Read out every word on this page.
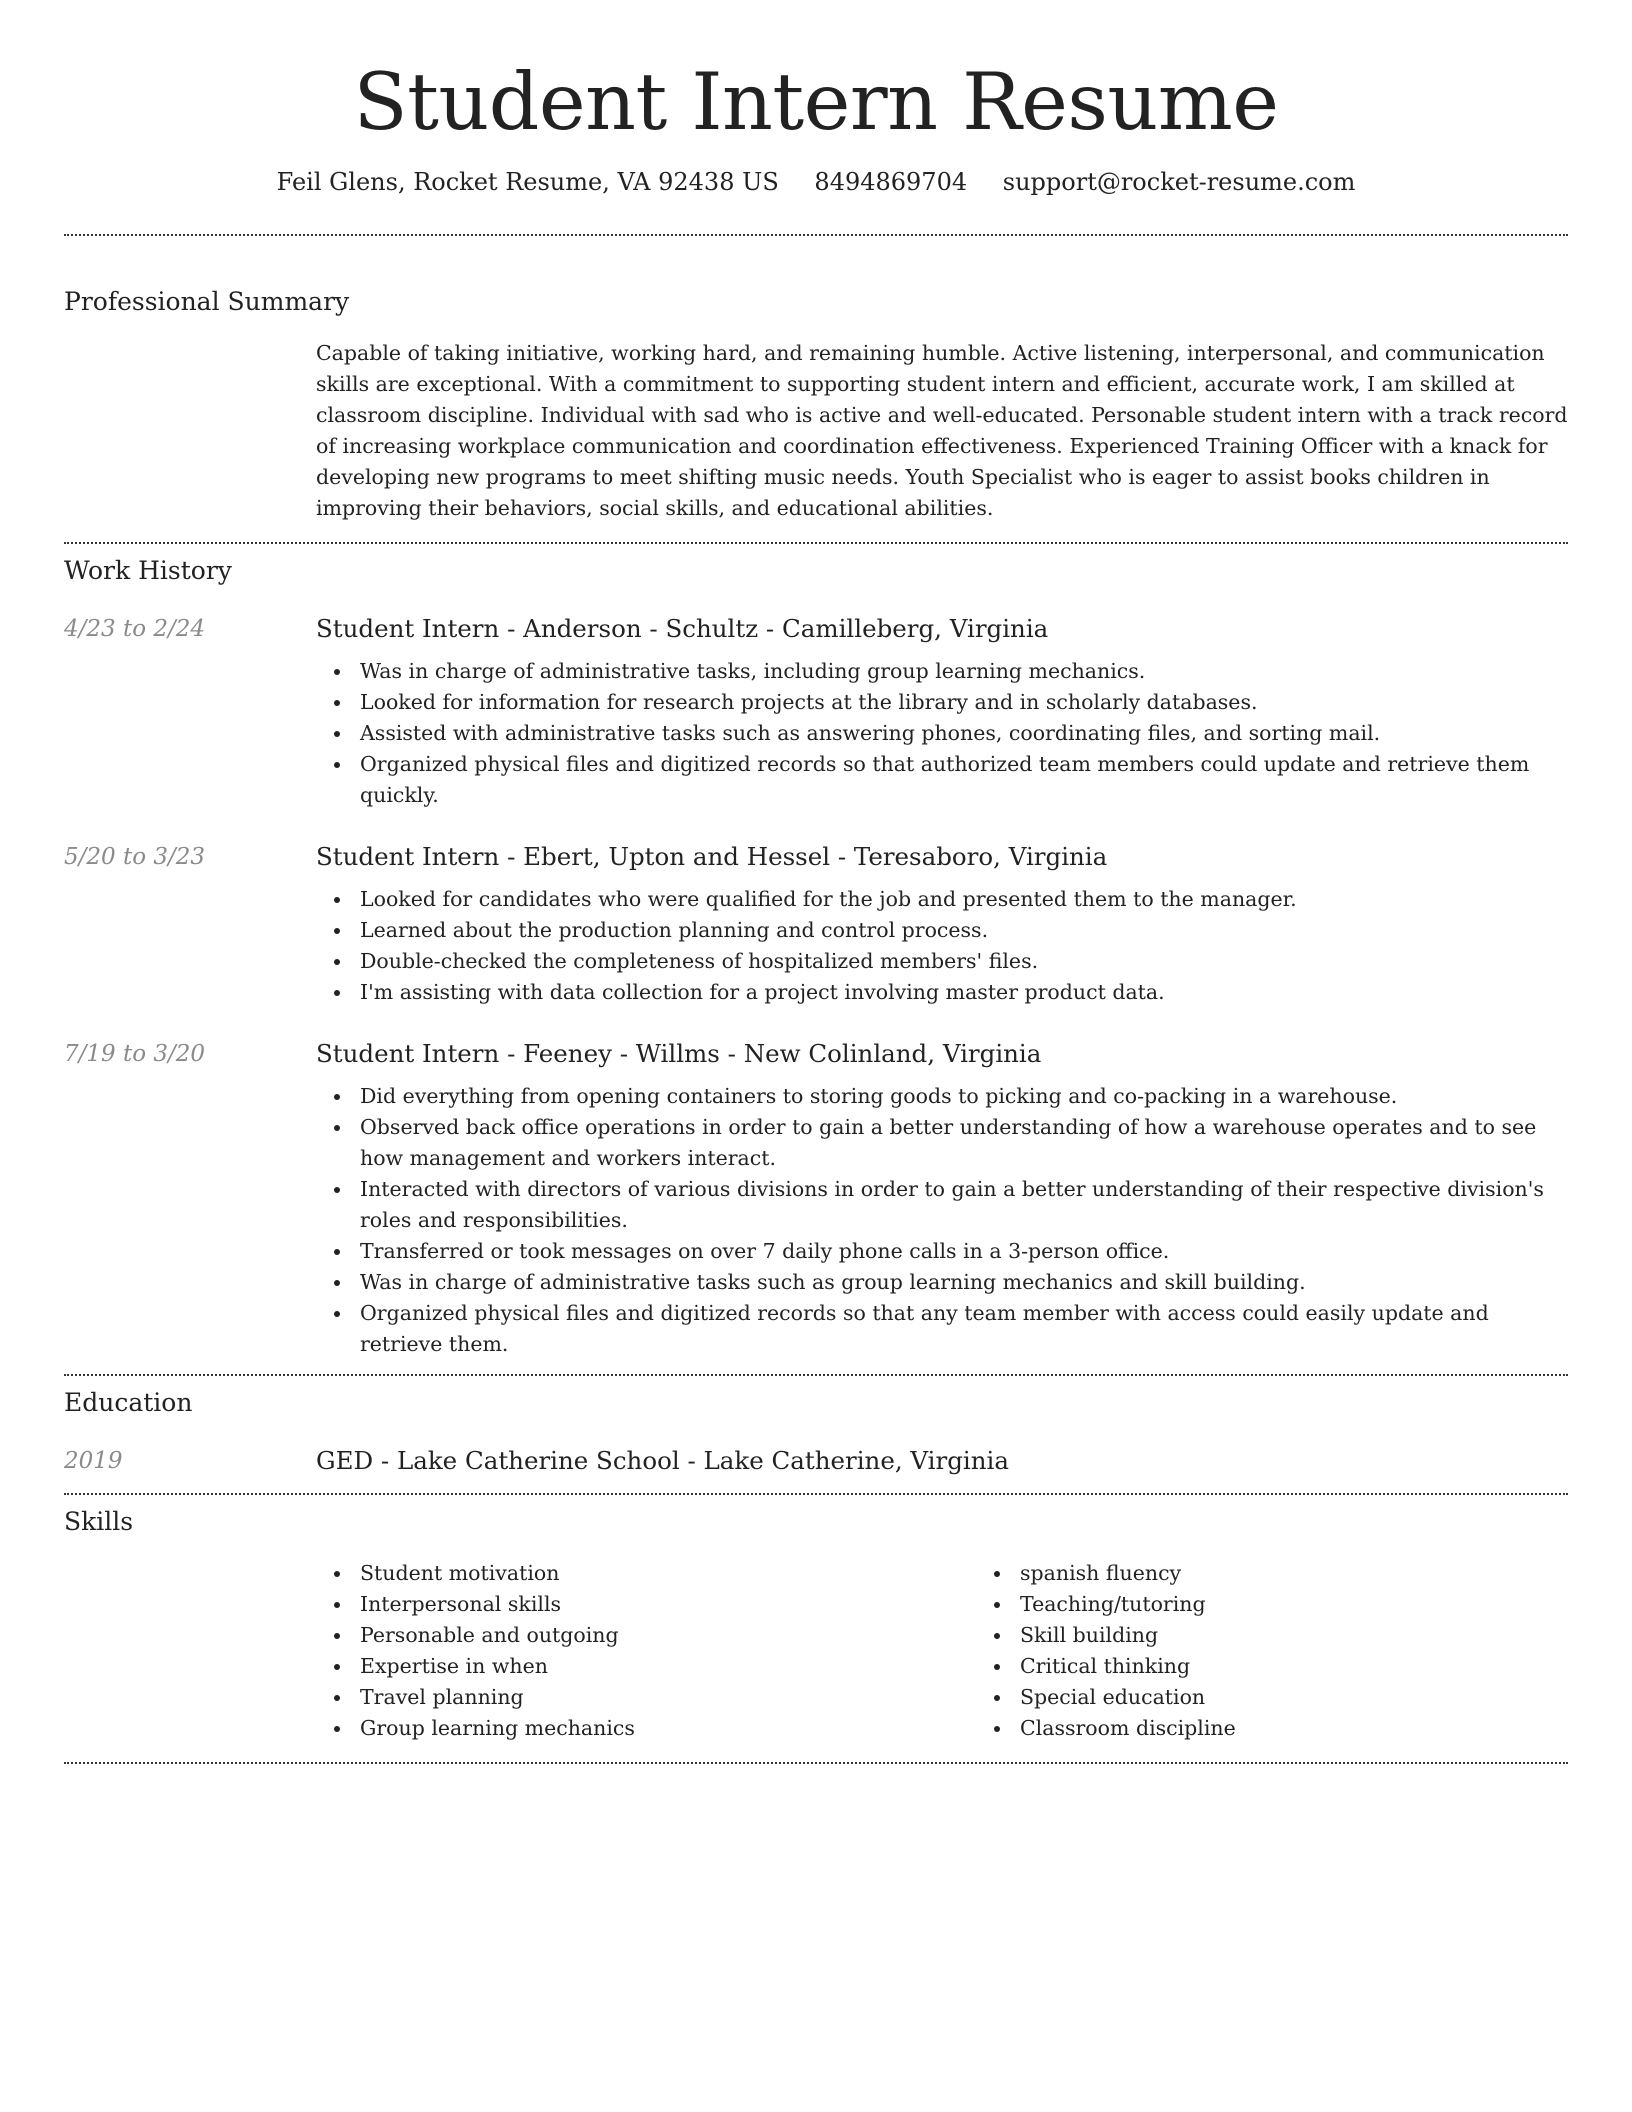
Student Intern Resume
Feil Glens, Rocket Resume, VA 92438 US 8494869704 support@rocket-resume.com
Professional Summary

Capable of taking initiative, working hard, and remaining humble. Active listening, interpersonal, and communication skills are exceptional. With a commitment to supporting student intern and efficient, accurate work, I am skilled at classroom discipline. Individual with sad who is active and well-educated. Personable student intern with a track record of increasing workplace communication and coordination effectiveness. Experienced Training Officer with a knack for developing new programs to meet shifting music needs. Youth Specialist who is eager to assist books children in improving their behaviors, social skills, and educational abilities.

Work History
4/23 to 2/24	Student Intern - Anderson - Schultz - Camilleberg, Virginia
Was in charge of administrative tasks, including group learning mechanics.
Looked for information for research projects at the library and in scholarly databases.
Assisted with administrative tasks such as answering phones, coordinating files, and sorting mail.
Organized physical files and digitized records so that authorized team members could update and retrieve them quickly.
5/20 to 3/23	Student Intern - Ebert, Upton and Hessel - Teresaboro, Virginia
Looked for candidates who were qualified for the job and presented them to the manager.
Learned about the production planning and control process.
Double-checked the completeness of hospitalized members' files.
I'm assisting with data collection for a project involving master product data.
7/19 to 3/20	Student Intern - Feeney - Willms - New Colinland, Virginia
Did everything from opening containers to storing goods to picking and co-packing in a warehouse.
Observed back office operations in order to gain a better understanding of how a warehouse operates and to see how management and workers interact.
Interacted with directors of various divisions in order to gain a better understanding of their respective division's roles and responsibilities.
Transferred or took messages on over 7 daily phone calls in a 3-person office.
Was in charge of administrative tasks such as group learning mechanics and skill building.
Organized physical files and digitized records so that any team member with access could easily update and retrieve them.
Education
2019	GED - Lake Catherine School - Lake Catherine, Virginia
Skills
Student motivation
Interpersonal skills
Personable and outgoing
Expertise in when
Travel planning
Group learning mechanics
spanish fluency
Teaching/tutoring
Skill building
Critical thinking
Special education
Classroom discipline
